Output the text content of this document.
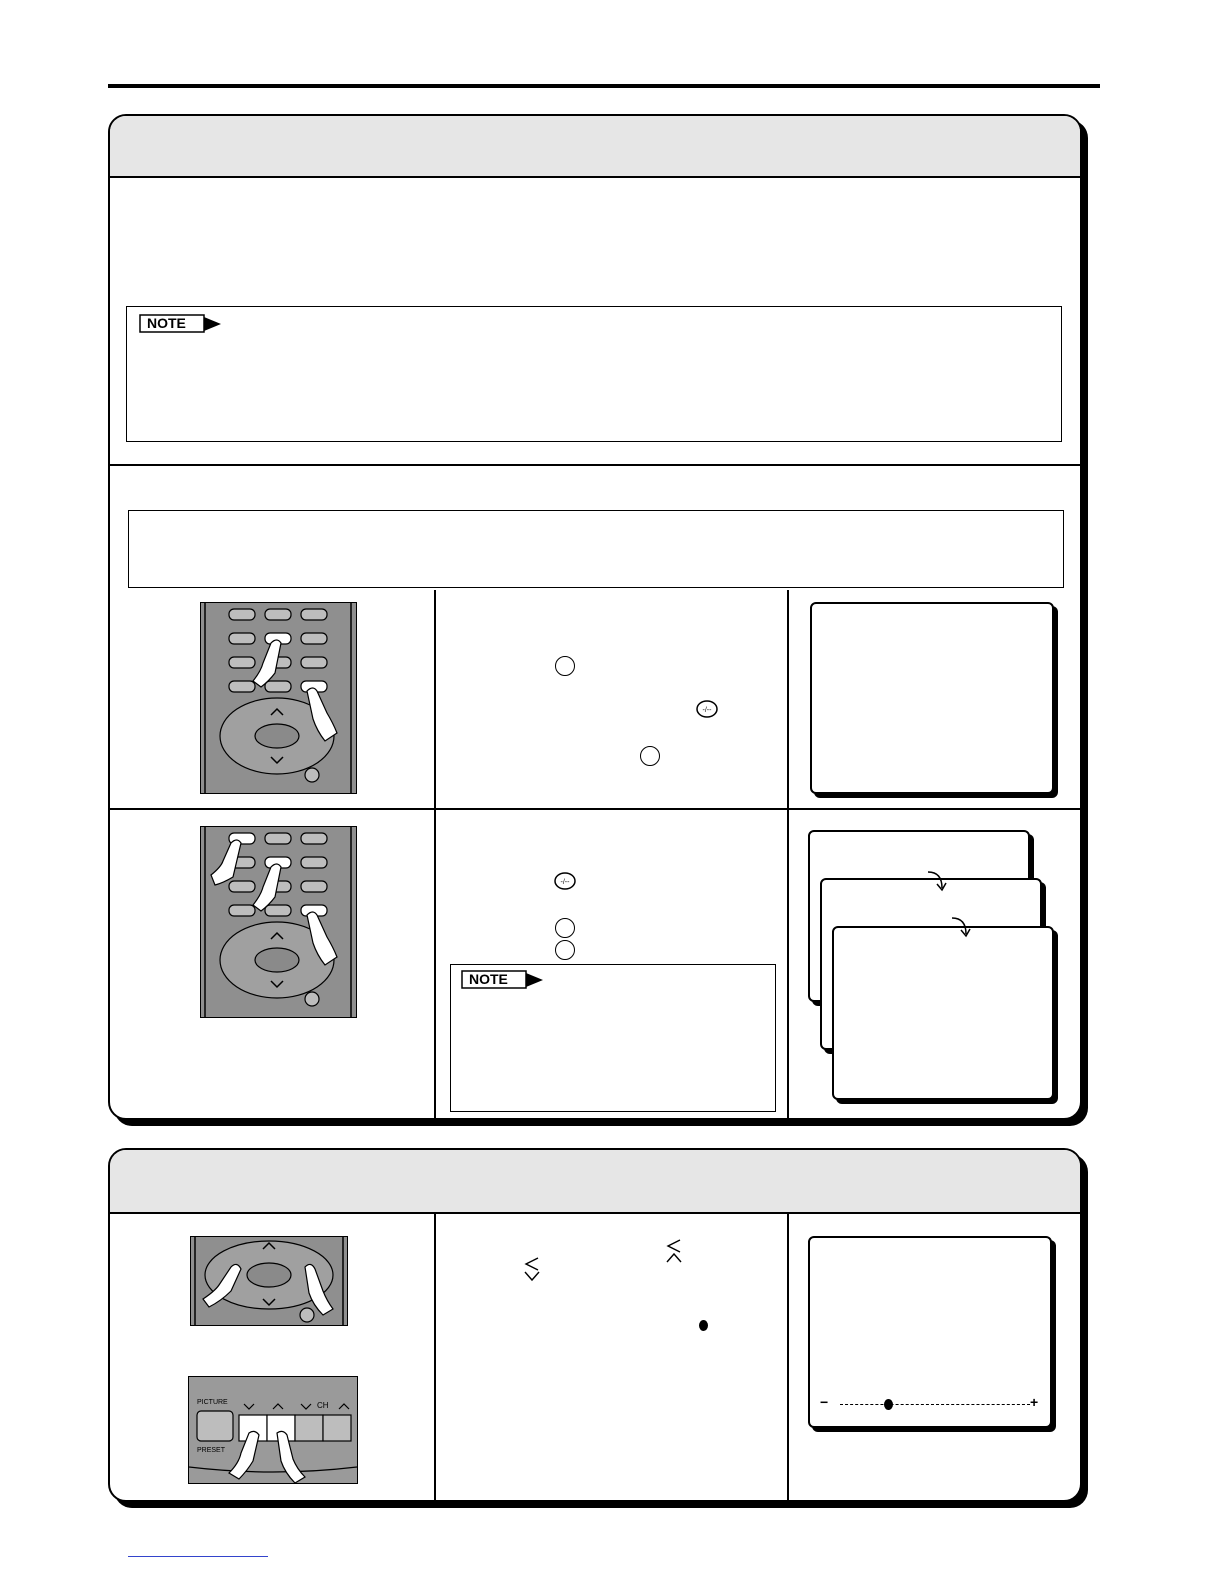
NOTE
-/--
-/--
NOTE
PICTURE
PRESET
CH	−	+
